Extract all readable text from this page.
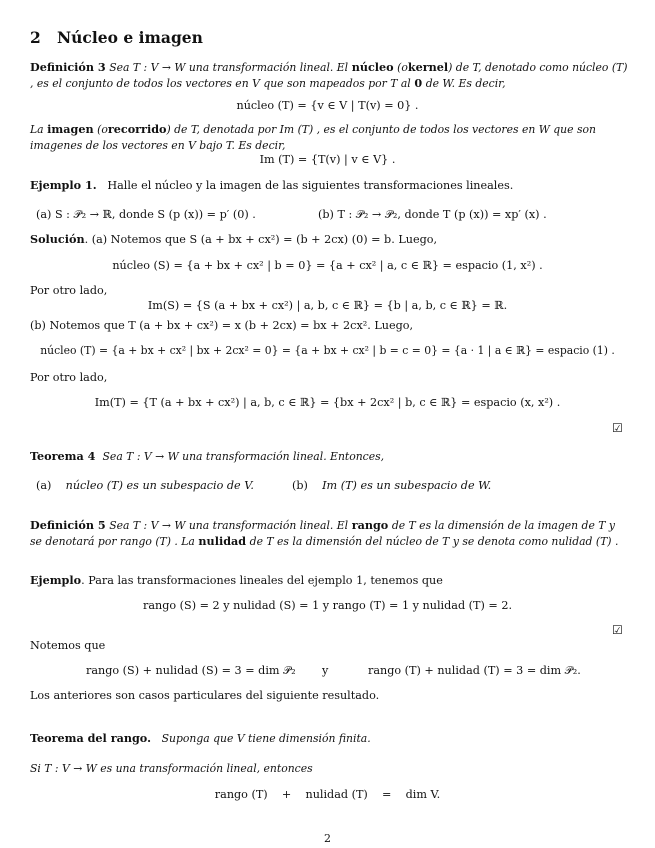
2 Núcleo e imagen
Definición 3 Sea T : V → W una transformación lineal. El núcleo (okernel) de T, denotado como núcleo (T) , es el conjunto de todos los vectores en V que son mapeados por T al 0 de W. Es decir,
núcleo (T) = {v ∈ V | T(v) = 0} .
La imagen (orecorrido) de T, denotada por Im (T) , es el conjunto de todos los vectores en W que son imagenes de los vectores en V bajo T. Es decir,
Im (T) = {T(v) | v ∈ V} .
Ejemplo 1. Halle el núcleo y la imagen de las siguientes transformaciones lineales.
(a) S : 𝒫₂ → ℝ, donde S (p (x)) = p′ (0) .	(b) T : 𝒫₂ → 𝒫₂, donde T (p (x)) = xp′ (x) .
Solución. (a) Notemos que S (a + bx + cx²) = (b + 2cx) (0) = b. Luego,
núcleo (S) = {a + bx + cx² | b = 0} = {a + cx² | a, c ∈ ℝ} = espacio (1, x²) .
Por otro lado,
Im(S) = {S (a + bx + cx²) | a, b, c ∈ ℝ} = {b | a, b, c ∈ ℝ} = ℝ.
(b) Notemos que T (a + bx + cx²) = x (b + 2cx) = bx + 2cx². Luego,
núcleo (T) = {a + bx + cx² | bx + 2cx² = 0} = {a + bx + cx² | b = c = 0} = {a · 1 | a ∈ ℝ} = espacio (1) .
Por otro lado,
Im(T) = {T (a + bx + cx²) | a, b, c ∈ ℝ} = {bx + 2cx² | b, c ∈ ℝ} = espacio (x, x²) .
☑
Teorema 4 Sea T : V → W una transformación lineal. Entonces,
(a) núcleo (T) es un subespacio de V.	(b) Im (T) es un subespacio de W.
Definición 5 Sea T : V → W una transformación lineal. El rango de T es la dimensión de la imagen de T y se denotará por rango (T) . La nulidad de T es la dimensión del núcleo de T y se denota como nulidad (T) .
Ejemplo. Para las transformaciones lineales del ejemplo 1, tenemos que
rango (S) = 2 y nulidad (S) = 1 y rango (T) = 1 y nulidad (T) = 2.
☑
Notemos que
rango (S) + nulidad (S) = 3 = dim 𝒫₂ y	rango (T) + nulidad (T) = 3 = dim 𝒫₂.
Los anteriores son casos particulares del siguiente resultado.
Teorema del rango. Suponga que V tiene dimensión finita.
Si T : V → W es una transformación lineal, entonces
rango (T)    +    nulidad (T)    =    dim V.
2
